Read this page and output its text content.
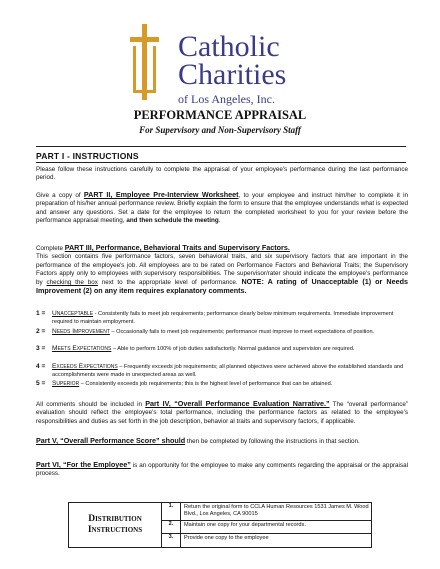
Catholic
Charities
of Los Angeles, Inc.
PERFORMANCE APPRAISAL
For Supervisory and Non-Supervisory Staff
PART I - INSTRUCTIONS
Please follow these instructions carefully to complete the appraisal of your employee's performance during the last performance period.
Give a copy of PART II, Employee Pre-Interview Worksheet, to your employee and instruct him/her to complete it in preparation of his/her annual performance review. Briefly explain the form to ensure that the employee understands what is expected and answer any questions. Set a date for the employee to return the completed worksheet to you for your review before the performance appraisal meeting, and then schedule the meeting.
Complete PART III, Performance, Behavioral Traits and Supervisory Factors.
This section contains five performance factors, seven behavioral traits, and six supervisory factors that are important in the performance of the employee's job. All employees are to be rated on Performance Factors and Behavioral Traits; the Supervisory Factors apply only to employees with supervisory responsibilities. The supervisor/rater should indicate the employee's performance by checking the box next to the appropriate level of performance. NOTE: A rating of Unacceptable (1) or Needs Improvement (2) on any item requires explanatory comments.
1 = Unacceptable - Consistently fails to meet job requirements; performance clearly below minimum requirements. Immediate improvement required to maintain employment.
2 = Needs Improvement – Occasionally fails to meet job requirements; performance must improve to meet expectations of position.
3 = Meets Expectations – Able to perform 100% of job duties satisfactorily. Normal guidance and supervision are required.
4 = Exceeds Expectations – Frequently exceeds job requirements; all planned objectives were achieved above the established standards and accomplishments were made in unexpected areas as well.
5 = Superior – Consistently exceeds job requirements; this is the highest level of performance that can be attained.
All comments should be included in Part IV, “Overall Performance Evaluation Narrative.” The “overall performance” evaluation should reflect the employee's total performance, including the performance factors as related to the employee's responsibilities and duties as set forth in the job description, behavior al traits and supervisory factors, if applicable.
Part V, “Overall Performance Score” should then be completed by following the instructions in that section.
Part VI, “For the Employee” is an opportunity for the employee to make any comments regarding the appraisal or the appraisal process.
Distribution
Instructions
1.	Return the original form to CCLA Human Resources 1531 James M. Wood Blvd., Los Angeles, CA 90015
2.	Maintain one copy for your departmental records.
3.	Provide one copy to the employee
